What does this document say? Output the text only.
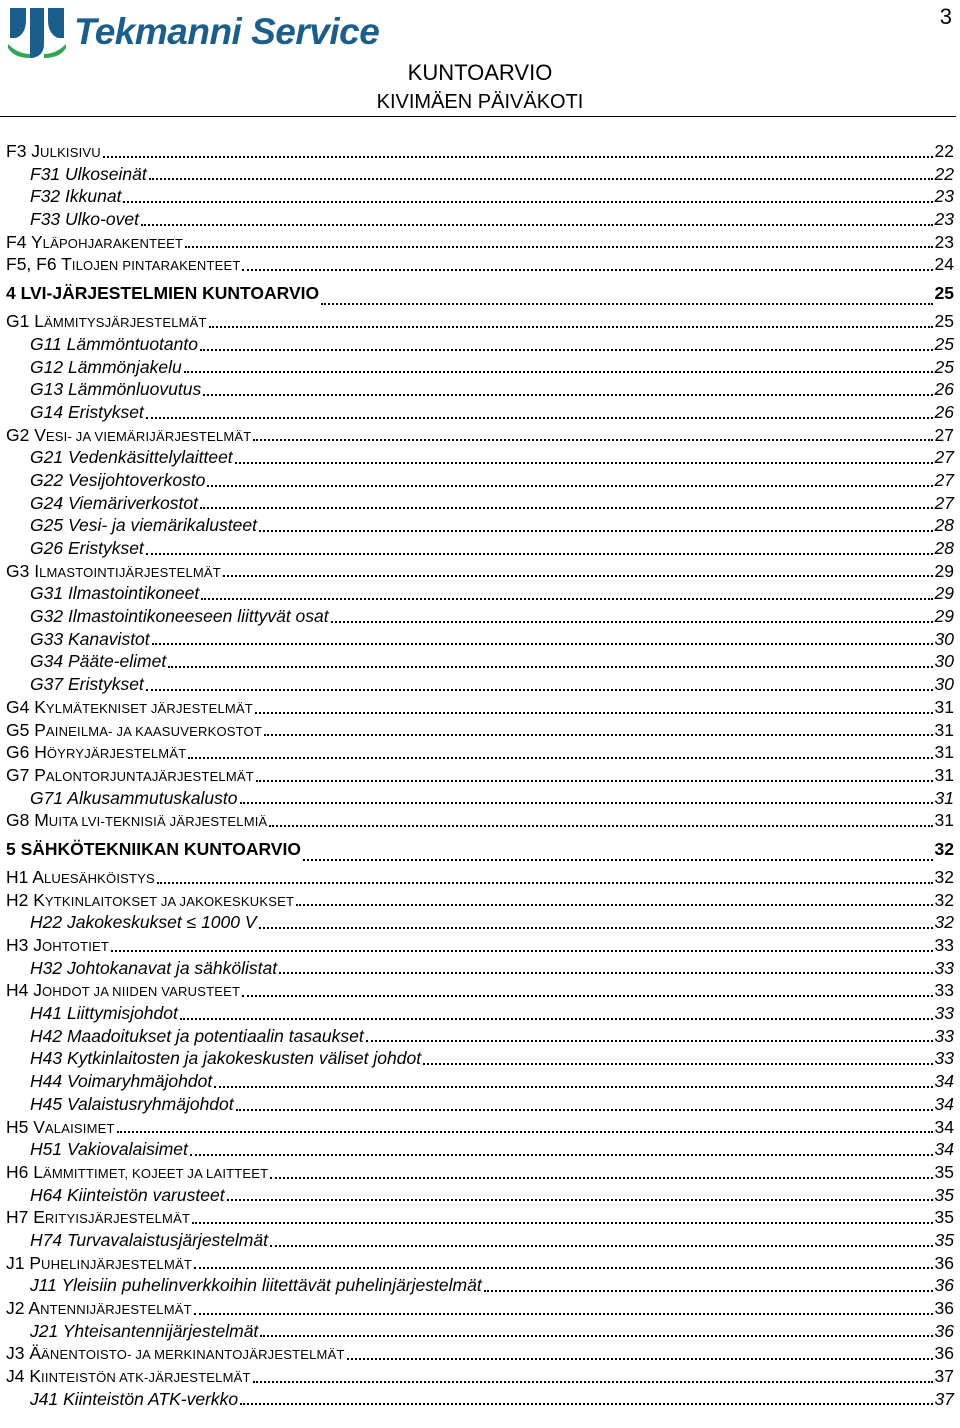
Tekmanni Service	3
KUNTOARVIO
KIVIMÄEN PÄIVÄKOTI
F3 JULKISIVU	22
F31 Ulkoseinät	22
F32 Ikkunat	23
F33 Ulko-ovet	23
F4 YLÄPOHJARAKENTEET	23
F5, F6 TILOJEN PINTARAKENTEET	24
4 LVI-JÄRJESTELMIEN KUNTOARVIO	25
G1 LÄMMITYSJÄRJESTELMÄT	25
G11 Lämmöntuotanto	25
G12 Lämmönjakelu	25
G13 Lämmönluovutus	26
G14 Eristykset	26
G2 VESI- JA VIEMÄRIJÄRJESTELMÄT	27
G21 Vedenkäsittelylaitteet	27
G22 Vesijohtoverkosto	27
G24 Viemäriverkostot	27
G25 Vesi- ja viemärikalusteet	28
G26 Eristykset	28
G3 ILMASTOINTIJÄRJESTELMÄT	29
G31 Ilmastointikoneet	29
G32 Ilmastointikoneeseen liittyvät osat	29
G33 Kanavistot	30
G34 Pääte-elimet	30
G37 Eristykset	30
G4 KYLMÄTEKNISET JÄRJESTELMÄT	31
G5 PAINEILMA- JA KAASUVERKOSTOT	31
G6 HÖYRYJÄRJESTELMÄT	31
G7 PALONTORJUNTAJÄRJESTELMÄT	31
G71 Alkusammutuskalusto	31
G8 MUITA LVI-TEKNISIÄ JÄRJESTELMIÄ	31
5 SÄHKÖTEKNIIKAN KUNTOARVIO	32
H1 ALUESÄHKÖISTYS	32
H2 KYTKINLAITOKSET JA JAKOKESKUKSET	32
H22 Jakokeskukset ≤ 1000 V	32
H3 JOHTOTIET	33
H32 Johtokanavat ja sähkölistat	33
H4 JOHDOT JA NIIDEN VARUSTEET	33
H41 Liittymisjohdot	33
H42 Maadoitukset ja potentiaalin tasaukset	33
H43 Kytkinlaitosten ja jakokeskusten väliset johdot	33
H44 Voimaryhmäjohdot	34
H45 Valaistusryhmäjohdot	34
H5 VALAISIMET	34
H51 Vakiovalaisimet	34
H6 LÄMMITTIMET, KOJEET JA LAITTEET	35
H64 Kiinteistön varusteet	35
H7 ERITYISJÄRJESTELMÄT	35
H74 Turvavalaistusjärjestelmät	35
J1 PUHELINJÄRJESTELMÄT	36
J11 Yleisiin puhelinverkkoihin liitettävät puhelinjärjestelmät	36
J2 ANTENNIJÄRJESTELMÄT	36
J21 Yhteisantennijärjestelmät	36
J3 ÄÄNENTOISTO- JA MERKINANTOJÄRJESTELMÄT	36
J4 KIINTEISTÖN ATK-JÄRJESTELMÄT	37
J41 Kiinteistön ATK-verkko	37
